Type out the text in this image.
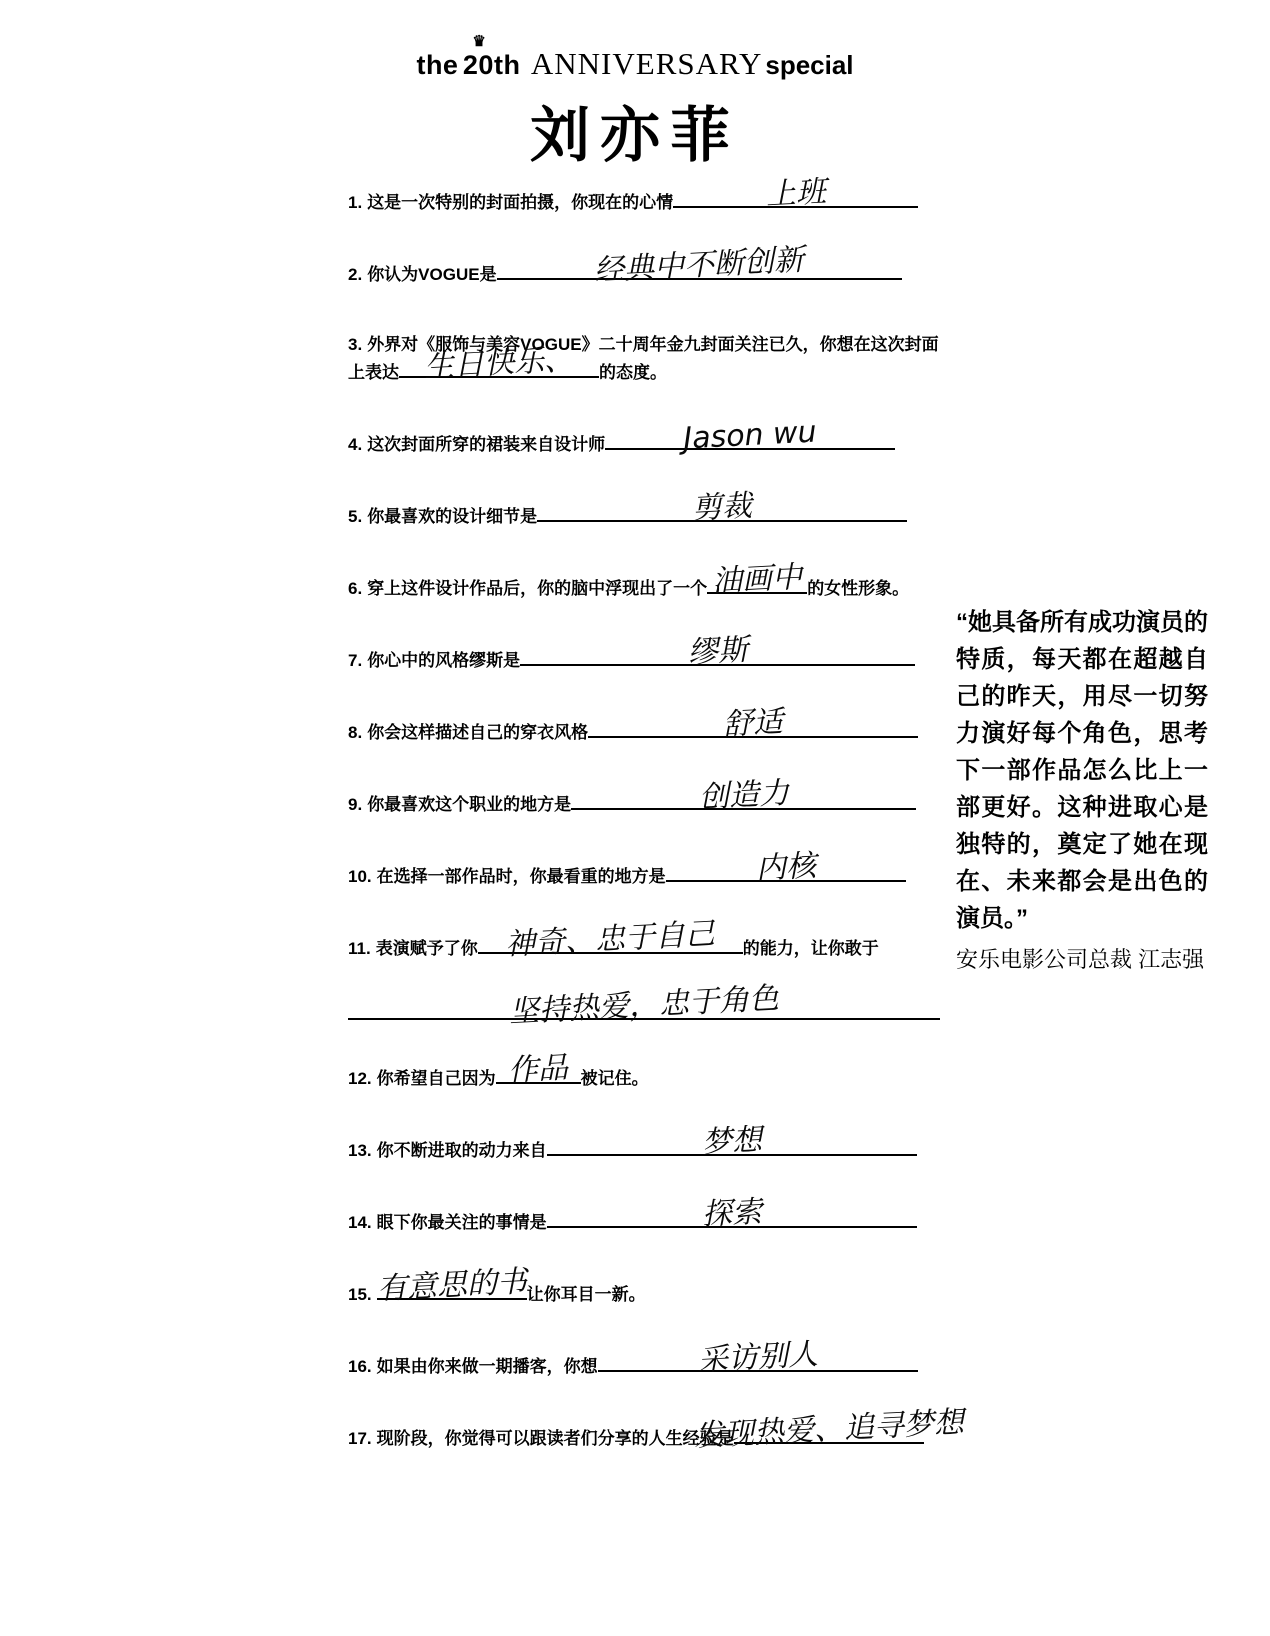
the
♛
20th ANNIVERSARY special
刘亦菲
1. 这是一次特别的封面拍摄，你现在的心情	上班
2. 你认为VOGUE是	经典中不断创新
3. 外界对《服饰与美容VOGUE》二十周年金九封面关注已久，你想在这次封面上表达 生日快乐、 的态度。
4. 这次封面所穿的裙装来自设计师	Jason wu
5. 你最喜欢的设计细节是	剪裁
6. 穿上这件设计作品后，你的脑中浮现出了一个 油画中 的女性形象。
7. 你心中的风格缪斯是	缪斯
8. 你会这样描述自己的穿衣风格	舒适
9. 你最喜欢这个职业的地方是	创造力
10. 在选择一部作品时，你最看重的地方是	内核
11. 表演赋予了你 神奇、忠于自己 的能力，让你敢于
坚持热爱，忠于角色
12. 你希望自己因为 作品 被记住。
13. 你不断进取的动力来自	梦想
14. 眼下你最关注的事情是	探索
15. 有意思的书 让你耳目一新。
16. 如果由你来做一期播客，你想	采访别人
17. 现阶段，你觉得可以跟读者们分享的人生经验是
发现热爱、追寻梦想
“她具备所有成功演员的特质，每天都在超越自己的昨天，用尽一切努力演好每个角色，思考下一部作品怎么比上一部更好。这种进取心是独特的，奠定了她在现在、未来都会是出色的演员。”
安乐电影公司总裁 江志强
